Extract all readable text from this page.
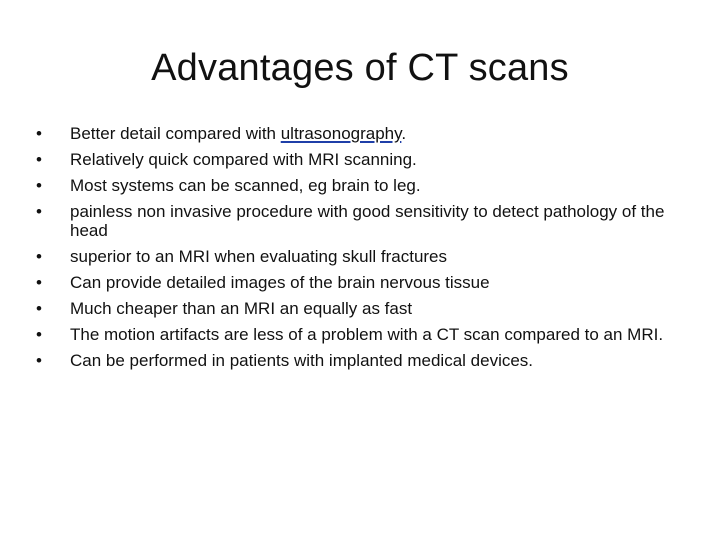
Advantages of CT scans
•	Better detail compared with ultrasonography.
•	Relatively quick compared with MRI scanning.
•	Most systems can be scanned, eg brain to leg.
•	painless non invasive procedure with good sensitivity to detect pathology of the head
•	superior to an MRI when evaluating skull fractures
•	Can provide detailed images of the brain nervous tissue
•	Much cheaper than an MRI an equally as fast
•	The motion artifacts are less of a problem with a CT scan compared to an MRI.
•	Can be performed in patients with implanted medical devices.
